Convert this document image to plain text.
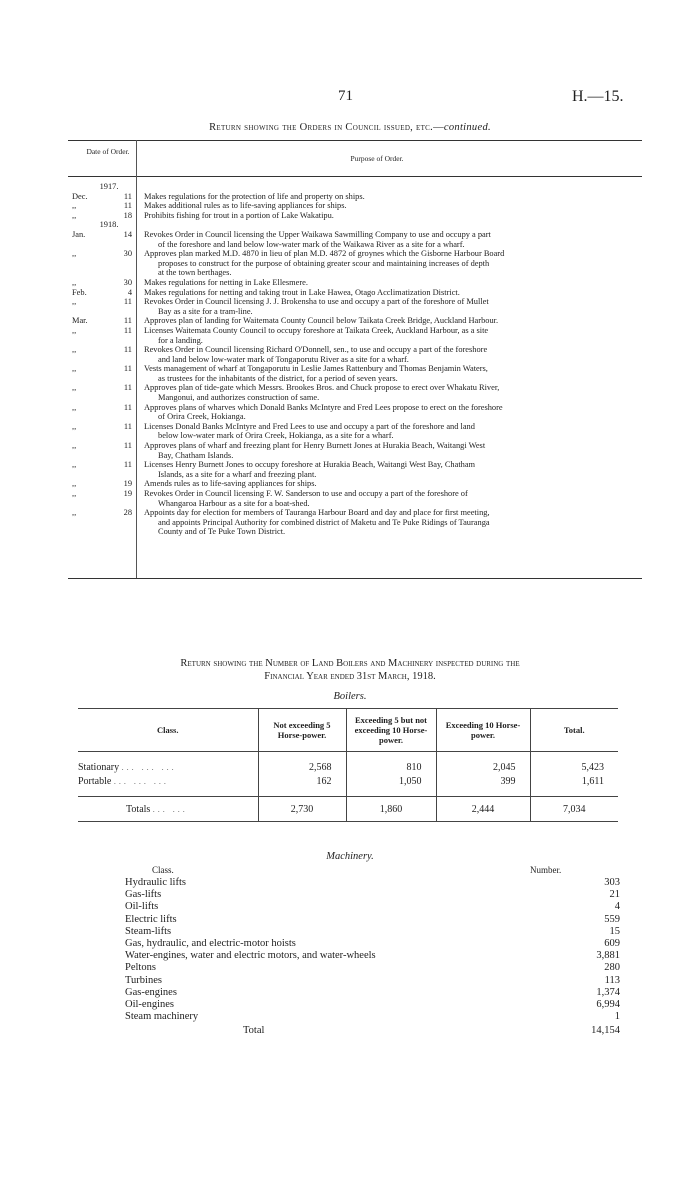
71	H.—15.
Return showing the Orders in Council issued, etc.—continued.
Date of Order.
Purpose of Order.
1917.
Dec.	11 Makes regulations for the protection of life and property on ships.
,,	11 Makes additional rules as to life-saving appliances for ships.
,,	18 Prohibits fishing for trout in a portion of Lake Wakatipu.
1918.
Jan.	14 Revokes Order in Council licensing the Upper Waikawa Sawmilling Company to use and occupy a part
of the foreshore and land below low-water mark of the Waikawa River as a site for a wharf.
,,	30 Approves plan marked M.D. 4870 in lieu of plan M.D. 4872 of groynes which the Gisborne Harbour Board
proposes to construct for the purpose of obtaining greater scour and maintaining increases of depth
at the town berthages.
,,	30 Makes regulations for netting in Lake Ellesmere.
Feb.	4 Makes regulations for netting and taking trout in Lake Hawea, Otago Acclimatization District.
,,	11 Revokes Order in Council licensing J. J. Brokensha to use and occupy a part of the foreshore of Mullet
Bay as a site for a tram-line.
Mar.	11 Approves plan of landing for Waitemata County Council below Taikata Creek Bridge, Auckland Harbour.
,,	11 Licenses Waitemata County Council to occupy foreshore at Taikata Creek, Auckland Harbour, as a site
for a landing.
,,	11 Revokes Order in Council licensing Richard O'Donnell, sen., to use and occupy a part of the foreshore
and land below low-water mark of Tongaporutu River as a site for a wharf.
,,	11 Vests management of wharf at Tongaporutu in Leslie James Rattenbury and Thomas Benjamin Waters,
as trustees for the inhabitants of the district, for a period of seven years.
,,	11 Approves plan of tide-gate which Messrs. Brookes Bros. and Chuck propose to erect over Whakatu River,
Mangonui, and authorizes construction of same.
,,	11 Approves plans of wharves which Donald Banks McIntyre and Fred Lees propose to erect on the foreshore
of Orira Creek, Hokianga.
,,	11 Licenses Donald Banks McIntyre and Fred Lees to use and occupy a part of the foreshore and land
below low-water mark of Orira Creek, Hokianga, as a site for a wharf.
,,	11 Approves plans of wharf and freezing plant for Henry Burnett Jones at Hurakia Beach, Waitangi West
Bay, Chatham Islands.
,,	11 Licenses Henry Burnett Jones to occupy foreshore at Hurakia Beach, Waitangi West Bay, Chatham
Islands, as a site for a wharf and freezing plant.
,,	19 Amends rules as to life-saving appliances for ships.
,,	19 Revokes Order in Council licensing F. W. Sanderson to use and occupy a part of the foreshore of
Whangaroa Harbour as a site for a boat-shed.
,,	28 Appoints day for election for members of Tauranga Harbour Board and day and place for first meeting,
and appoints Principal Authority for combined district of Maketu and Te Puke Ridings of Tauranga
County and of Te Puke Town District.
Return showing the Number of Land Boilers and Machinery inspected during the
Financial Year ended 31st March, 1918.
Boilers.
Class.	Not exceeding 5 Horse-power.	Exceeding 5 but not exceeding 10 Horse-power.	Exceeding 10 Horse-power.	Total.

Stationary ... ... ...	2,568	810	2,045	5,423
Portable ... ... ...	162	1,050	399	1,611

Totals ... ...	2,730	1,860	2,444	7,034
Machinery.
Class.	Number.
Hydraulic lifts	303
Gas-lifts	21
Oil-lifts	4
Electric lifts	559
Steam-lifts	15
Gas, hydraulic, and electric-motor hoists	609
Water-engines, water and electric motors, and water-wheels	3,881
Peltons	280
Turbines	113
Gas-engines	1,374
Oil-engines	6,994
Steam machinery	1
Total	14,154
